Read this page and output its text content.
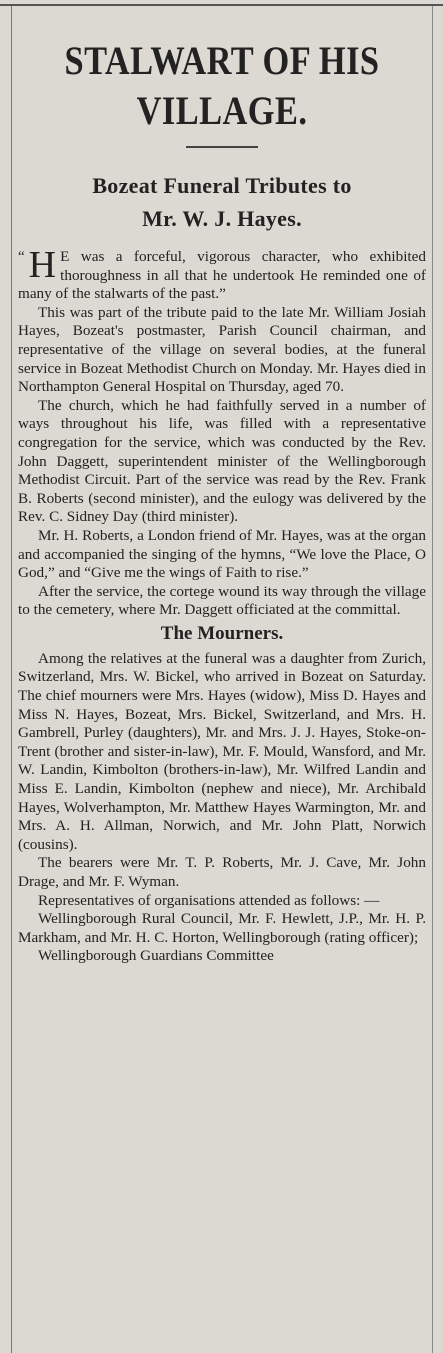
STALWART OF HIS
VILLAGE.
Bozeat Funeral Tributes to
Mr. W. J. Hayes.

“ H E was a forceful, vigorous character, who exhibited thoroughness in all that he undertook He reminded one of many of the stalwarts of the past.”

This was part of the tribute paid to the late Mr. William Josiah Hayes, Bozeat's postmaster, Parish Council chairman, and representative of the village on several bodies, at the funeral service in Bozeat Methodist Church on Monday. Mr. Hayes died in Northampton General Hospital on Thursday, aged 70.

The church, which he had faithfully served in a number of ways throughout his life, was filled with a representative congregation for the service, which was conducted by the Rev. John Daggett, superintendent minister of the Wellingborough Methodist Circuit. Part of the service was read by the Rev. Frank B. Roberts (second minister), and the eulogy was delivered by the Rev. C. Sidney Day (third minister).

Mr. H. Roberts, a London friend of Mr. Hayes, was at the organ and accompanied the singing of the hymns, “We love the Place, O God,” and “Give me the wings of Faith to rise.”

After the service, the cortege wound its way through the village to the cemetery, where Mr. Daggett officiated at the committal.

The Mourners.

Among the relatives at the funeral was a daughter from Zurich, Switzerland, Mrs. W. Bickel, who arrived in Bozeat on Saturday. The chief mourners were Mrs. Hayes (widow), Miss D. Hayes and Miss N. Hayes, Bozeat, Mrs. Bickel, Switzerland, and Mrs. H. Gambrell, Purley (daughters), Mr. and Mrs. J. J. Hayes, Stoke-on-Trent (brother and sister-in-law), Mr. F. Mould, Wansford, and Mr. W. Landin, Kimbolton (brothers-in-law), Mr. Wilfred Landin and Miss E. Landin, Kimbolton (nephew and niece), Mr. Archibald Hayes, Wolverhampton, Mr. Matthew Hayes Warmington, Mr. and Mrs. A. H. Allman, Norwich, and Mr. John Platt, Norwich (cousins).

The bearers were Mr. T. P. Roberts, Mr. J. Cave, Mr. John Drage, and Mr. F. Wyman.

Representatives of organisations attended as follows: —

Wellingborough Rural Council, Mr. F. Hewlett, J.P., Mr. H. P. Markham, and Mr. H. C. Horton, Wellingborough (rating officer);

Wellingborough Guardians Committee
